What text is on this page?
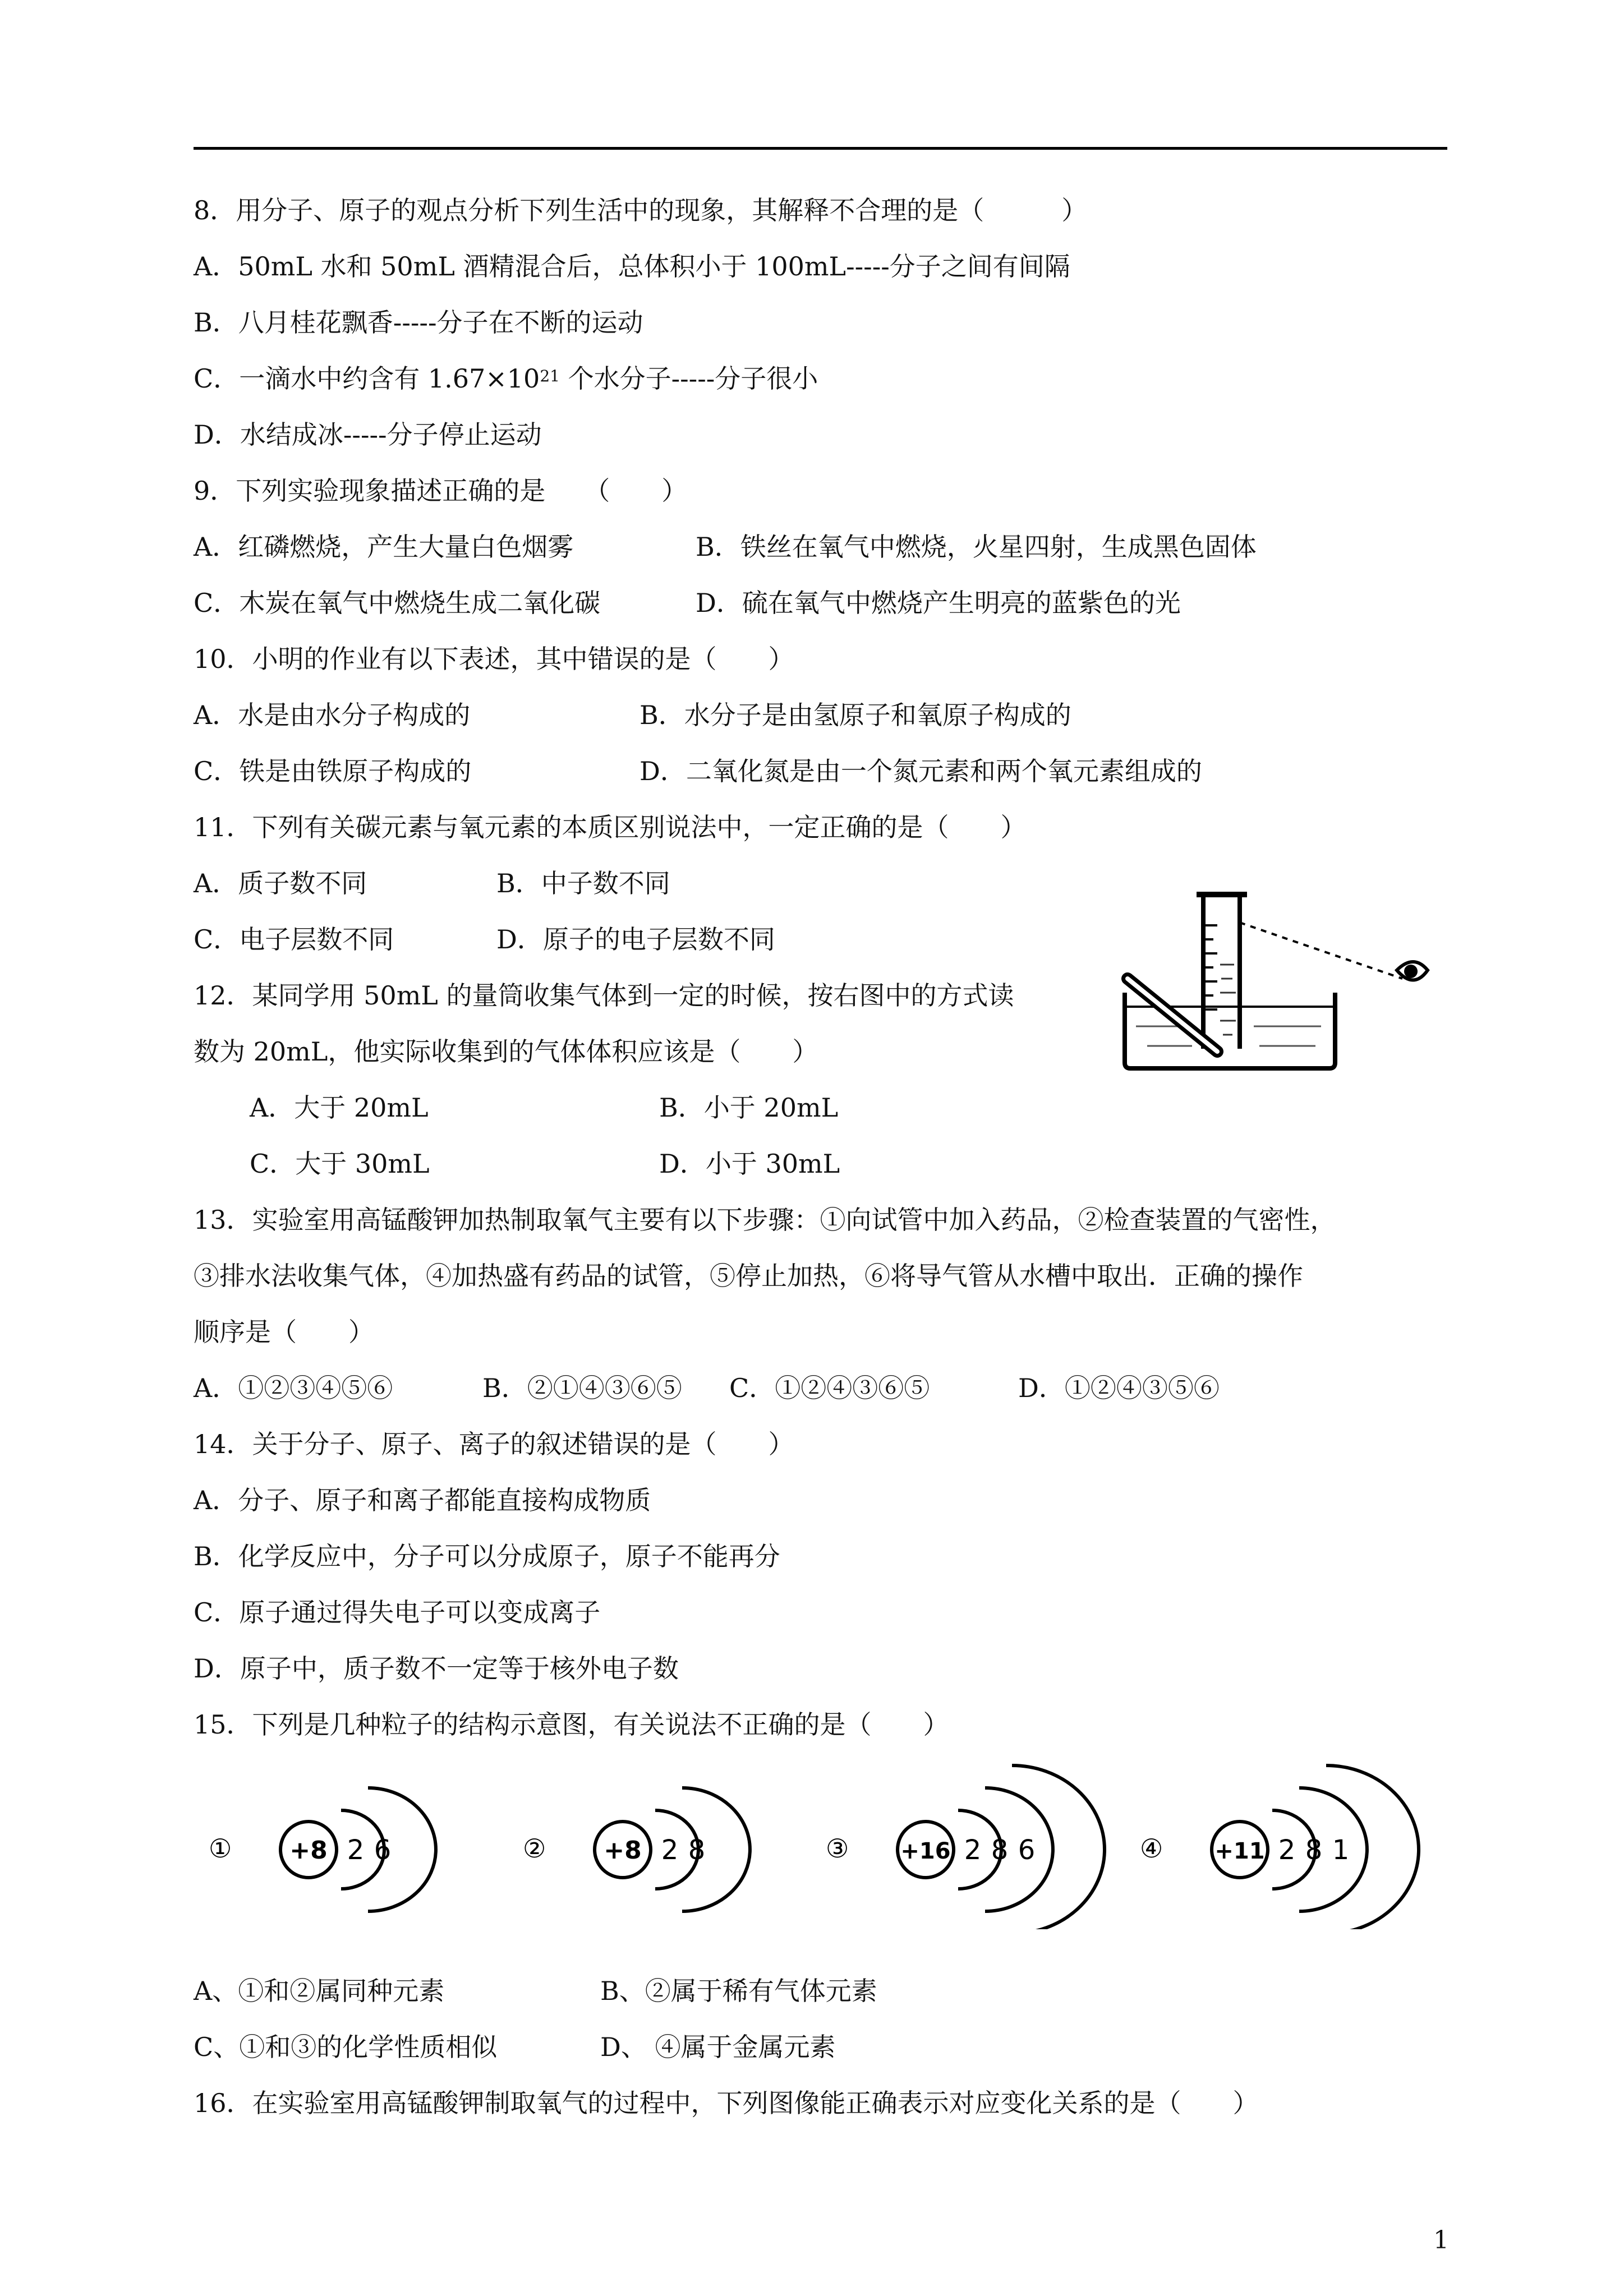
8．用分子、原子的观点分析下列生活中的现象，其解释不合理的是（　　　）
A．50mL 水和 50mL 酒精混合后，总体积小于 100mL-----分子之间有间隔
B．八月桂花飘香-----分子在不断的运动
C．一滴水中约含有 $1.67\times 10^{21}$ 个水分子-----分子很小
D．水结成冰-----分子停止运动
9．下列实验现象描述正确的是　　（　　）
A．红磷燃烧，产生大量白色烟雾	B．铁丝在氧气中燃烧，火星四射，生成黑色固体
C．木炭在氧气中燃烧生成二氧化碳	D．硫在氧气中燃烧产生明亮的蓝紫色的光
10．小明的作业有以下表述，其中错误的是（　　）
A．水是由水分子构成的	B．水分子是由氢原子和氧原子构成的
C．铁是由铁原子构成的	D．二氧化氮是由一个氮元素和两个氧元素组成的
11．下列有关碳元素与氧元素的本质区别说法中，一定正确的是（　　）
A．质子数不同	B．中子数不同
C．电子层数不同	D．原子的电子层数不同
12．某同学用 50mL 的量筒收集气体到一定的时候，按右图中的方式读
数为 20mL，他实际收集到的气体体积应该是（　　）
A．大于 20mL	B．小于 20mL
C．大于 30mL	D．小于 30mL
13．实验室用高锰酸钾加热制取氧气主要有以下步骤：①向试管中加入药品，②检查装置的气密性，
③排水法收集气体，④加热盛有药品的试管，⑤停止加热，⑥将导气管从水槽中取出．正确的操作
顺序是（　　）
A．①②③④⑤⑥	B．②①④③⑥⑤ C．①②④③⑥⑤	D．①②④③⑤⑥
14．关于分子、原子、离子的叙述错误的是（　　）
A．分子、原子和离子都能直接构成物质
B．化学反应中，分子可以分成原子，原子不能再分
C．原子通过得失电子可以变成离子
D．原子中，质子数不一定等于核外电子数
15．下列是几种粒子的结构示意图，有关说法不正确的是（　　）
① +8 2 6	② +8 2 8	③ +16 2 8 6	④ +11 2 8 1
A、①和②属同种元素	B、②属于稀有气体元素
C、①和③的化学性质相似	D、 ④属于金属元素
16．在实验室用高锰酸钾制取氧气的过程中，下列图像能正确表示对应变化关系的是（　　）
1
